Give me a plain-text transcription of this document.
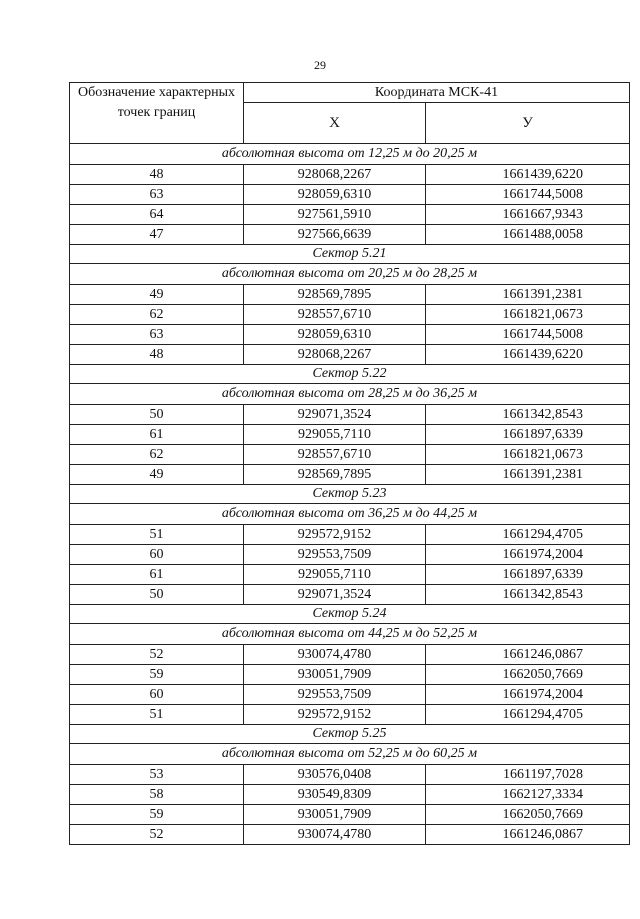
29
Обозначение характерных точек границ	Координата МСК-41	
	X	У
абсолютная высота от 12,25 м до 20,25 м		
48	928068,2267	1661439,6220
63	928059,6310	1661744,5008
64	927561,5910	1661667,9343
47	927566,6639	1661488,0058
Сектор 5.21		
абсолютная высота от 20,25 м до 28,25 м		
49	928569,7895	1661391,2381
62	928557,6710	1661821,0673
63	928059,6310	1661744,5008
48	928068,2267	1661439,6220
Сектор 5.22		
абсолютная высота от 28,25 м до 36,25 м		
50	929071,3524	1661342,8543
61	929055,7110	1661897,6339
62	928557,6710	1661821,0673
49	928569,7895	1661391,2381
Сектор 5.23		
абсолютная высота от 36,25 м до 44,25 м		
51	929572,9152	1661294,4705
60	929553,7509	1661974,2004
61	929055,7110	1661897,6339
50	929071,3524	1661342,8543
Сектор 5.24		
абсолютная высота от 44,25 м до 52,25 м		
52	930074,4780	1661246,0867
59	930051,7909	1662050,7669
60	929553,7509	1661974,2004
51	929572,9152	1661294,4705
Сектор 5.25		
абсолютная высота от 52,25 м до 60,25 м		
53	930576,0408	1661197,7028
58	930549,8309	1662127,3334
59	930051,7909	1662050,7669
52	930074,4780	1661246,0867
